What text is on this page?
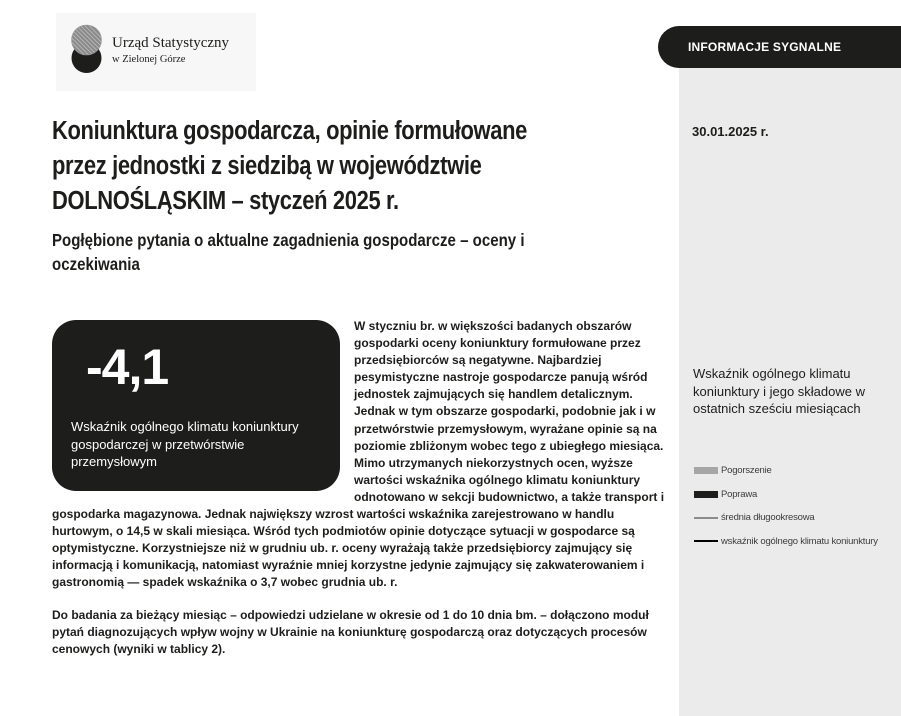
Urząd Statystyczny
w Zielonej Górze
INFORMACJE SYGNALNE
30.01.2025 r.
Wskaźnik ogólnego klimatu koniunktury i jego składowe w ostatnich sześciu miesiącach
Pogorszenie
Poprawa
średnia długookresowa
wskaźnik ogólnego klimatu koniunktury
Koniunktura gospodarcza, opinie formułowane przez jednostki z siedzibą w województwie DOLNOŚLĄSKIM – styczeń 2025 r.
Pogłębione pytania o aktualne zagadnienia gospodarcze – oceny i oczekiwania
-4,1
Wskaźnik ogólnego klimatu koniunktury gospodarczej w przetwórstwie przemysłowym

W styczniu br. w większości badanych obszarów gospodarki oceny koniunktury formułowane przez przedsiębiorców są negatywne. Najbardziej pesymistyczne nastroje gospodarcze panują wśród jednostek zajmujących się handlem detalicznym. Jednak w tym obszarze gospodarki, podobnie jak i w przetwórstwie przemysłowym, wyrażane opinie są na poziomie zbliżonym wobec tego z ubiegłego miesiąca. Mimo utrzymanych niekorzystnych ocen, wyższe wartości wskaźnika ogólnego klimatu koniunktury odnotowano w sekcji budownictwo, a także transport i gospodarka magazynowa. Jednak największy wzrost wartości wskaźnika zarejestrowano w handlu hurtowym, o 14,5 w skali miesiąca. Wśród tych podmiotów opinie dotyczące sytuacji w gospodarce są optymistyczne. Korzystniejsze niż w grudniu ub. r. oceny wyrażają także przedsiębiorcy zajmujący się informacją i komunikacją, natomiast wyraźnie mniej korzystne jedynie zajmujący się zakwaterowaniem i gastronomią — spadek wskaźnika o 3,7 wobec grudnia ub. r.

Do badania za bieżący miesiąc – odpowiedzi udzielane w okresie od 1 do 10 dnia bm. – dołączono moduł pytań diagnozujących wpływ wojny w Ukrainie na koniunkturę gospodarczą oraz dotyczących procesów cenowych (wyniki w tablicy 2).
